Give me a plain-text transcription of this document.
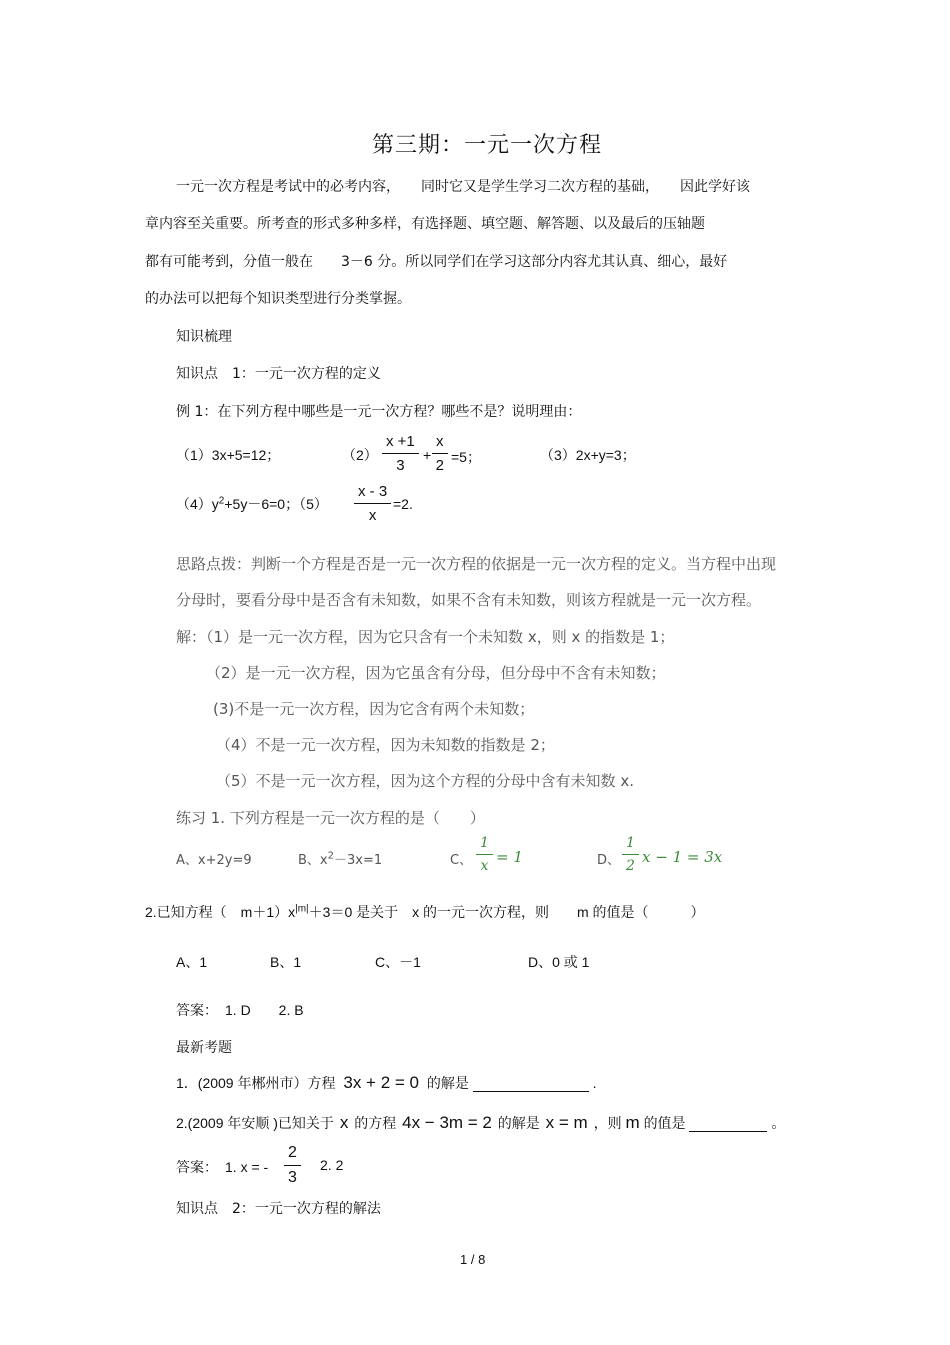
第三期：一元一次方程
一元一次方程是考试中的必考内容，　　同时它又是学生学习二次方程的基础，　　因此学好该
章内容至关重要。所考查的形式多种多样，有选择题、填空题、解答题、以及最后的压轴题
都有可能考到，分值一般在　　3－6 分。所以同学们在学习这部分内容尤其认真、细心，最好
的办法可以把每个知识类型进行分类掌握。
知识梳理
知识点　1：一元一次方程的定义
例 1：在下列方程中哪些是一元一次方程？哪些不是？说明理由：
（1）3x+5=12；	$(2) \frac{x +1}{3} + \frac{x}{2} =5$；	（3）2x+y=3；
$(4)y^2+5y-6=0$；$(5) \frac{x - 3}{x} =2$.
思路点拨：判断一个方程是否是一元一次方程的依据是一元一次方程的定义。当方程中出现
分母时，要看分母中是否含有未知数，如果不含有未知数，则该方程就是一元一次方程。
解：（1）是一元一次方程，因为它只含有一个未知数 x，则 x 的指数是 1；
（2）是一元一次方程，因为它虽含有分母，但分母中不含有未知数；
(3)不是一元一次方程，因为它含有两个未知数；
（4）不是一元一次方程，因为未知数的指数是 2；
（5）不是一元一次方程，因为这个方程的分母中含有未知数 x.
练习 1. 下列方程是一元一次方程的是（　　）
A、x+2y=9	B、$x^2-3x=1$	C、 $\frac{1}{x} = 1$	D、 $\frac{1}{2}$ x − 1 = 3x
2.已知方程（　$m+1)x^{|m|}+3=0$ 是关于　x 的一元一次方程，则　　m 的值是（　　　）
A、1	B、1	C、－1	D、0 或 1
答案：　1. D　　2. B
最新考题
1．(2009 年郴州市）方程 3x + 2 = 0 的解是	.
2.(2009 年安顺 )已知关于 x 的方程 4x − 3m = 2 的解是 x = m ，则 m 的值是	。
答案：　1. x = - $\frac{2}{3} 2$. 2
知识点　2：一元一次方程的解法
1 / 8
